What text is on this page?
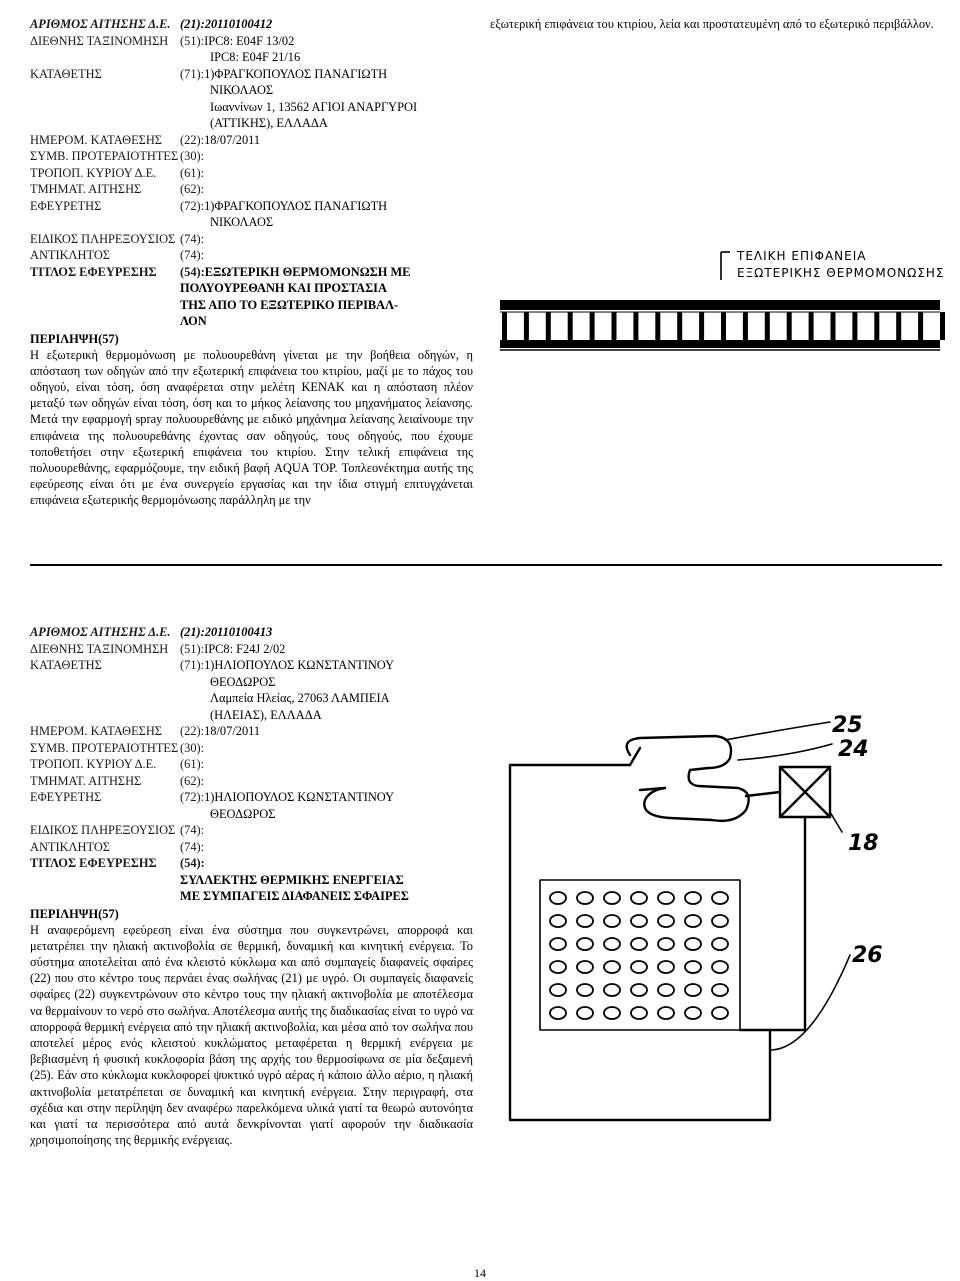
ΑΡΙΘΜΟΣ ΑΙΤΗΣΗΣ Δ.Ε. (21):20110100412
ΔΙΕΘΝΗΣ ΤΑΞΙΝΟΜΗΣΗ (51):IPC8: E04F 13/02
IPC8: E04F 21/16
ΚΑΤΑΘΕΤΗΣ	(71):1)ΦΡΑΓΚΟΠΟΥΛΟΣ ΠΑΝΑΓΙΩΤΗ
ΝΙΚΟΛΑΟΣ
Ιωαννίνων 1, 13562 ΑΓΙΟΙ ΑΝΑΡΓΥΡΟΙ
(ΑΤΤΙΚΗΣ), ΕΛΛΑΔΑ
ΗΜΕΡΟΜ. ΚΑΤΑΘΕΣΗΣ	(22):18/07/2011
ΣΥΜΒ. ΠΡΟΤΕΡΑΙΟΤΗΤΕΣ (30):
ΤΡΟΠΟΠ. ΚΥΡΙΟΥ Δ.Ε.	(61):
ΤΜΗΜΑΤ. ΑΙΤΗΣΗΣ	(62):
ΕΦΕΥΡΕΤΗΣ	(72):1)ΦΡΑΓΚΟΠΟΥΛΟΣ ΠΑΝΑΓΙΩΤΗ
ΝΙΚΟΛΑΟΣ
ΕΙΔΙΚΟΣ ΠΛΗΡΕΞΟΥΣΙΟΣ (74):
ΑΝΤΙΚΛΗΤΟΣ	(74):
ΤΙΤΛΟΣ ΕΦΕΥΡΕΣΗΣ	(54):ΕΞΩΤΕΡΙΚΗ ΘΕΡΜΟΜΟΝΩΣΗ ΜΕ
ΠΟΛΥΟΥΡΕΘΑΝΗ ΚΑΙ ΠΡΟΣΤΑΣΙΑ
ΤΗΣ ΑΠΟ ΤΟ ΕΞΩΤΕΡΙΚΟ ΠΕΡΙΒΑΛ-
ΛΟΝ
ΠΕΡΙΛΗΨΗ(57)
Η εξωτερική θερμομόνωση με πολυουρεθάνη γίνεται με την βοήθεια οδηγών, η απόσταση των οδηγών από την εξωτερική επιφάνεια του κτιρίου, μαζί με το πάχος του οδηγού, είναι τόση, όση αναφέρεται στην μελέτη ΚΕΝΑΚ και η απόσταση πλέον μεταξύ των οδηγών είναι τόση, όση και το μήκος λείανσης του μηχανήματος λείανσης. Μετά την εφαρμογή spray πολυουρεθάνης με ειδικό μηχάνημα λείανσης λειαίνουμε την επιφάνεια της πολυουρεθάνης έχοντας σαν οδηγούς, τους οδηγούς, που έχουμε τοποθετήσει στην εξωτερική επιφάνεια του κτιρίου. Στην τελική επιφάνεια της πολυουρεθάνης, εφαρμόζουμε, την ειδική βαφή AQUA TOP. Τοπλεονέκτημα αυτής της εφεύρεσης είναι ότι με ένα συνεργείο εργασίας και την ίδια στιγμή επιτυγχάνεται επιφάνεια εξωτερικής θερμομόνωσης παράλληλη με την
εξωτερική επιφάνεια του κτιρίου, λεία και προστατευμένη από το εξωτερικό περιβάλλον.
ΤΕΛΙΚΗ ΕΠΙΦΑΝΕΙΑ
ΕΞΩΤΕΡΙΚΗΣ ΘΕΡΜΟΜΟΝΩΣΗΣ
ΑΡΙΘΜΟΣ ΑΙΤΗΣΗΣ Δ.Ε. (21):20110100413
ΔΙΕΘΝΗΣ ΤΑΞΙΝΟΜΗΣΗ (51):IPC8: F24J 2/02
ΚΑΤΑΘΕΤΗΣ	(71):1)ΗΛΙΟΠΟΥΛΟΣ ΚΩΝΣΤΑΝΤΙΝΟΥ
ΘΕΟΔΩΡΟΣ
Λαμπεία Ηλείας, 27063 ΛΑΜΠΕΙΑ
(ΗΛΕΙΑΣ), ΕΛΛΑΔΑ
ΗΜΕΡΟΜ. ΚΑΤΑΘΕΣΗΣ	(22):18/07/2011
ΣΥΜΒ. ΠΡΟΤΕΡΑΙΟΤΗΤΕΣ (30):
ΤΡΟΠΟΠ. ΚΥΡΙΟΥ Δ.Ε.	(61):
ΤΜΗΜΑΤ. ΑΙΤΗΣΗΣ	(62):
ΕΦΕΥΡΕΤΗΣ	(72):1)ΗΛΙΟΠΟΥΛΟΣ ΚΩΝΣΤΑΝΤΙΝΟΥ
ΘΕΟΔΩΡΟΣ
ΕΙΔΙΚΟΣ ΠΛΗΡΕΞΟΥΣΙΟΣ (74):
ΑΝΤΙΚΛΗΤΟΣ	(74):
ΤΙΤΛΟΣ ΕΦΕΥΡΕΣΗΣ	(54):
ΣΥΛΛΕΚΤΗΣ ΘΕΡΜΙΚΗΣ ΕΝΕΡΓΕΙΑΣ
ΜΕ ΣΥΜΠΑΓΕΙΣ ΔΙΑΦΑΝΕΙΣ ΣΦΑΙΡΕΣ
ΠΕΡΙΛΗΨΗ(57)
Η αναφερόμενη εφεύρεση είναι ένα σύστημα που συγκεντρώνει, απορροφά και μετατρέπει την ηλιακή ακτινοβολία σε θερμική, δυναμική και κινητική ενέργεια. Το σύστημα αποτελείται από ένα κλειστό κύκλωμα και από συμπαγείς διαφανείς σφαίρες (22) που στο κέντρο τους περνάει ένας σωλήνας (21) με υγρό. Οι συμπαγείς διαφανείς σφαίρες (22) συγκεντρώνουν στο κέντρο τους την ηλιακή ακτινοβολία με αποτέλεσμα να θερμαίνουν το νερό στο σωλήνα. Αποτέλεσμα αυτής της διαδικασίας είναι το υγρό να απορροφά θερμική ενέργεια από την ηλιακή ακτινοβολία, και μέσα από τον σωλήνα που αποτελεί μέρος ενός κλειστού κυκλώματος μεταφέρεται η θερμική ενέργεια με βεβιασμένη ή φυσική κυκλοφορία βάση της αρχής του θερμοσίφωνα σε μία δεξαμενή (25). Εάν στο κύκλωμα κυκλοφορεί ψυκτικό υγρό αέρας ή κάποιο άλλο αέριο, η ηλιακή ακτινοβολία μετατρέπεται σε δυναμική και κινητική ενέργεια. Στην περιγραφή, στα σχέδια και στην περίληψη δεν αναφέρω παρελκόμενα υλικά γιατί τα θεωρώ αυτονόητα και γιατί τα περισσότερα από αυτά δενκρίνονται γιατί αφορούν την διαδικασία χρησιμοποίησης της θερμικής ενέργειας.
25
24
18
26
14
